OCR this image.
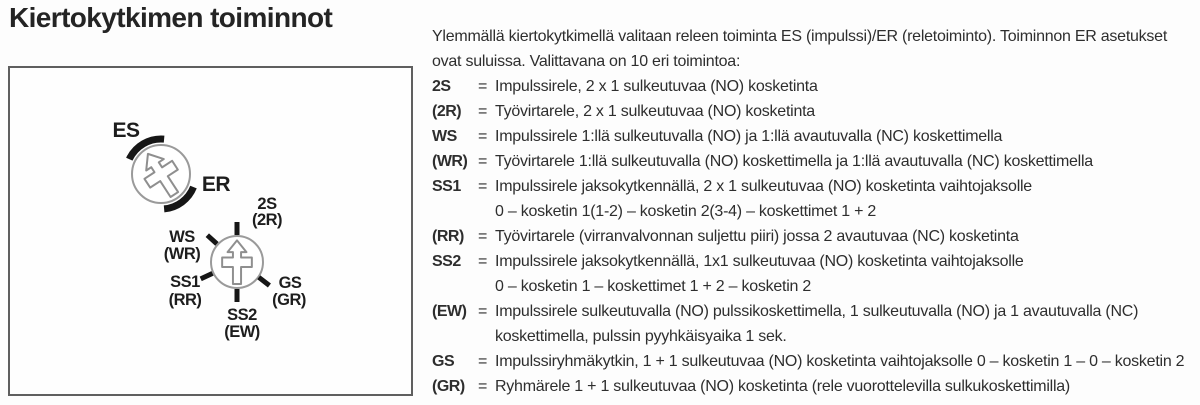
Kiertokytkimen toiminnot
ES
ER
2S
(2R)
WS
(WR)
SS1
(RR)
SS2
(EW)
GS
(GR)
Ylemmällä kiertokytkimellä valitaan releen toiminta ES (impulssi)/ER (reletoiminto). Toiminnon ER asetukset
ovat suluissa. Valittavana on 10 eri toimintoa:
2S	= Impulssirele, 2 x 1 sulkeutuvaa (NO) kosketinta
(2R)	= Työvirtarele, 2 x 1 sulkeutuvaa (NO) kosketinta
WS	= Impulssirele 1:llä sulkeutuvalla (NO) ja 1:llä avautuvalla (NC) koskettimella
(WR) = Työvirtarele 1:llä sulkeutuvalla (NO) koskettimella ja 1:llä avautuvalla (NC) koskettimella
SS1	= Impulssirele jaksokytkennällä, 2 x 1 sulkeutuvaa (NO) kosketinta vaihtojaksolle
0 – kosketin 1(1-2) – kosketin 2(3-4) – koskettimet 1 + 2
(RR) = Työvirtarele (virranvalvonnan suljettu piiri) jossa 2 avautuvaa (NC) kosketinta
SS2	= Impulssirele jaksokytkennällä, 1x1 sulkeutuvaa (NO) kosketinta vaihtojaksolle
0 – kosketin 1 – koskettimet 1 + 2 – kosketin 2
(EW) = Impulssirele sulkeutuvalla (NO) pulssikoskettimella, 1 sulkeutuvalla (NO) ja 1 avautuvalla (NC)
koskettimella, pulssin pyyhkäisyaika 1 sek.
GS	= Impulssiryhmäkytkin, 1 + 1 sulkeutuvaa (NO) kosketinta vaihtojaksolle 0 – kosketin 1 – 0 – kosketin 2
(GR) = Ryhmärele 1 + 1 sulkeutuvaa (NO) kosketinta (rele vuorottelevilla sulkukoskettimilla)
